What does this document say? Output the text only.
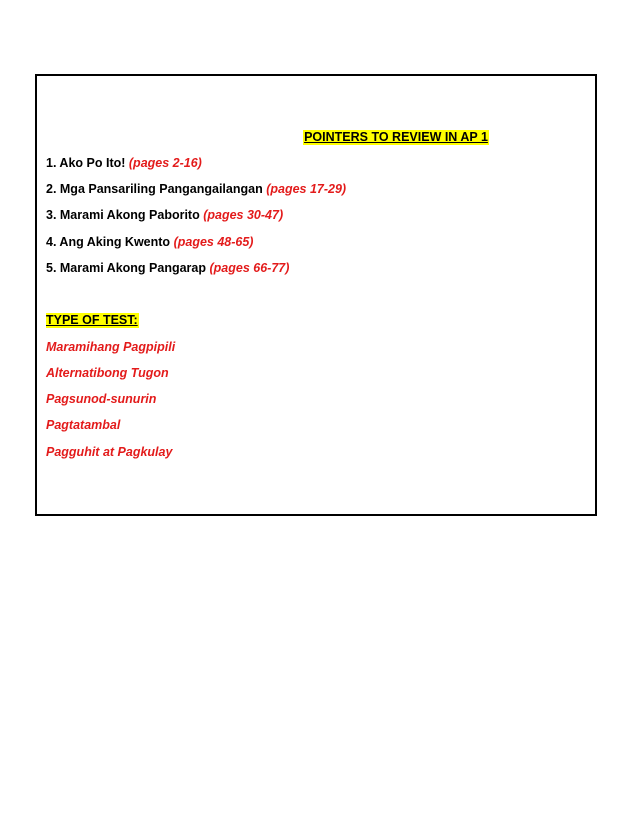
POINTERS TO REVIEW IN AP 1
1. Ako Po Ito! (pages 2-16)
2. Mga Pansariling Pangangailangan (pages 17-29)
3. Marami Akong Paborito (pages 30-47)
4. Ang Aking Kwento (pages 48-65)
5. Marami Akong Pangarap (pages 66-77)
TYPE OF TEST:
Maramihang Pagpipili
Alternatibong Tugon
Pagsunod-sunurin
Pagtatambal
Pagguhit at Pagkulay
